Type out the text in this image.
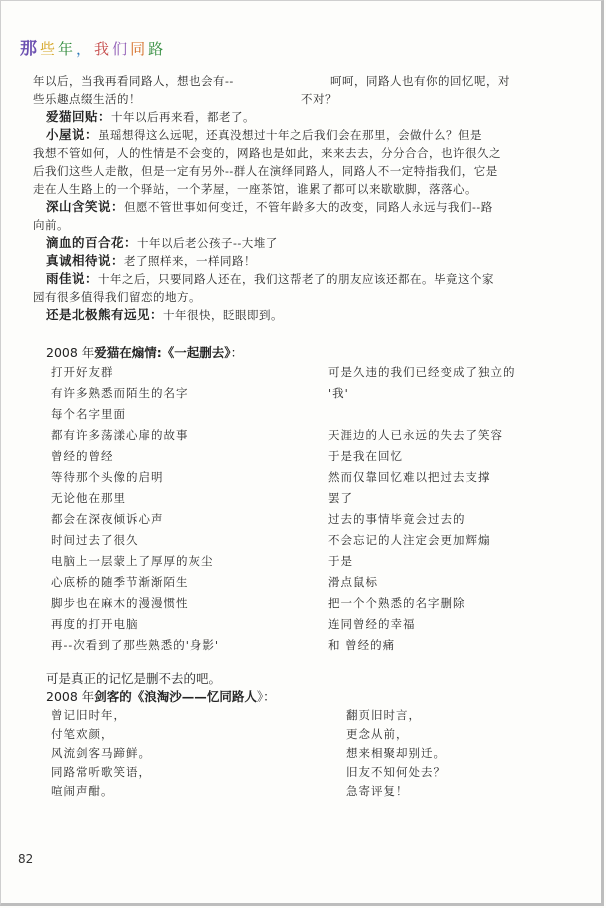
那些年，我们同路
年以后，当我再看同路人，想也会有--	呵呵，同路人也有你的回忆呢，对
些乐趣点缀生活的！	不对？
爱猫回贴：十年以后再来看，都老了。
小屋说：虽瑶想得这么远呢，还真没想过十年之后我们会在那里，会做什么？但是
我想不管如何，人的性情是不会变的，网路也是如此，来来去去，分分合合，也许很久之
后我们这些人走散，但是一定有另外--群人在演绎同路人，同路人不一定特指我们，它是
走在人生路上的一个驿站，一个茅屋，一座茶馆，谁累了都可以来歇歇脚，落落心。
深山含笑说：但愿不管世事如何变迁，不管年龄多大的改变，同路人永远与我们--路
向前。
滴血的百合花：十年以后老公孩子--大堆了
真诚相待说：老了照样来，一样同路！
雨佳说：十年之后，只要同路人还在，我们这帮老了的朋友应该还都在。毕竟这个家
园有很多值得我们留恋的地方。
还是北极熊有远见：十年很快，眨眼即到。
2008 年爱猫在煽情:《一起删去》：
打开好友群	可是久违的我们已经变成了独立的
有许多熟悉而陌生的名字	'我'
每个名字里面
都有许多荡漾心扉的故事	天涯边的人已永远的失去了笑容
曾经的曾经	于是我在回忆
等待那个头像的启明	然而仅靠回忆难以把过去支撑
无论他在那里	罢了
都会在深夜倾诉心声	过去的事情毕竟会过去的
时间过去了很久	不会忘记的人注定会更加辉煽
电脑上一层蒙上了厚厚的灰尘	于是
心底桥的随季节渐渐陌生	滑点鼠标
脚步也在麻木的漫漫惯性	把一个个熟悉的名字删除
再度的打开电脑	连同曾经的幸福
再--次看到了那些熟悉的'身影'	和 曾经的痛
可是真正的记忆是删不去的吧。
2008 年剑客的《浪淘沙——忆同路人》：
曾记旧时年，	翻页旧时言，
付笔欢颜，	更念从前，
风流剑客马蹄鲜。	想来相聚却别迁。
同路常听歌笑语，	旧友不知何处去？
喧闹声酣。	急寄评复！
82
